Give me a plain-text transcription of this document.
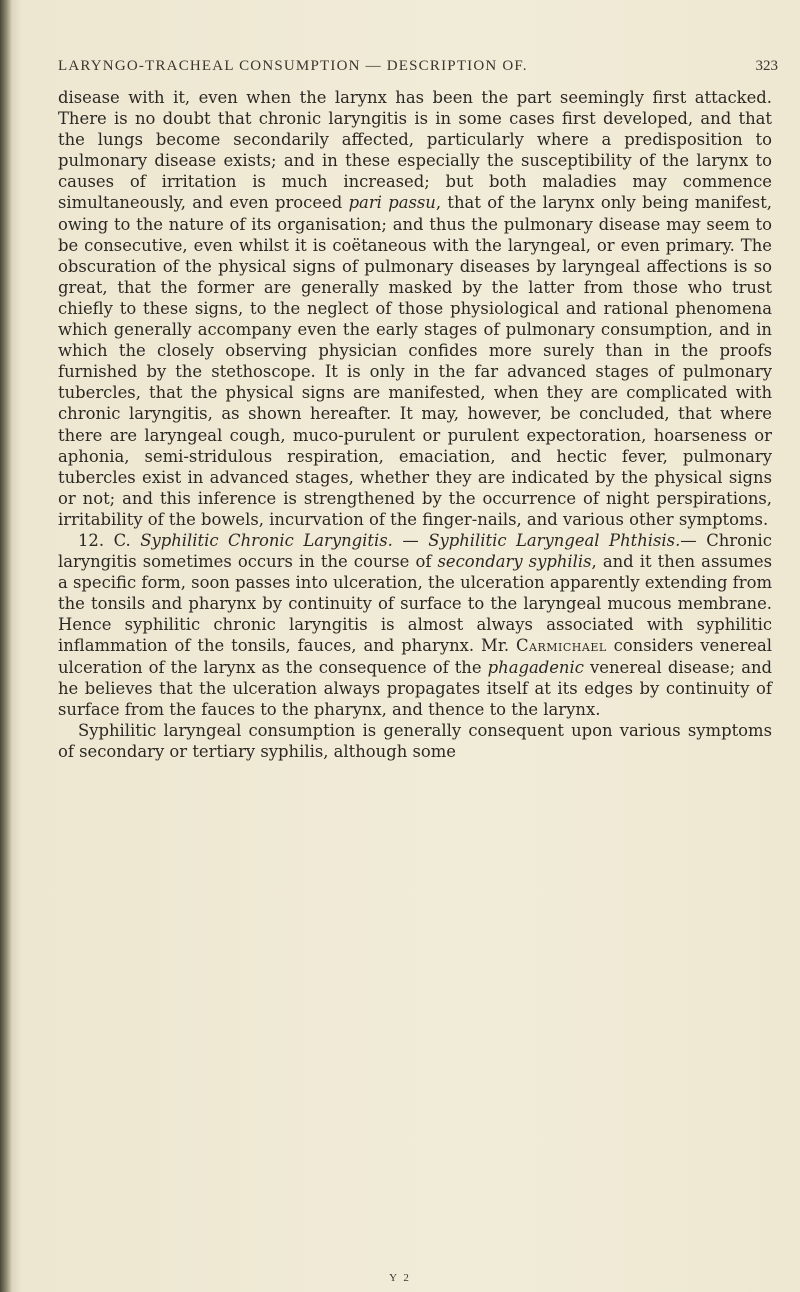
LARYNGO-TRACHEAL CONSUMPTION — DESCRIPTION OF.	323

disease with it, even when the larynx has been the part seemingly first attacked. There is no doubt that chronic laryngitis is in some cases first developed, and that the lungs become secondarily affected, particularly where a predisposition to pulmonary disease exists; and in these especially the susceptibility of the larynx to causes of irritation is much increased; but both maladies may commence simultaneously, and even proceed pari passu, that of the larynx only being manifest, owing to the nature of its organisation; and thus the pulmonary disease may seem to be consecutive, even whilst it is coëtaneous with the laryngeal, or even primary. The obscuration of the physical signs of pulmonary diseases by laryngeal affections is so great, that the former are generally masked by the latter from those who trust chiefly to these signs, to the neglect of those physiological and rational phenomena which generally accompany even the early stages of pulmonary consumption, and in which the closely observing physician confides more surely than in the proofs furnished by the stethoscope. It is only in the far advanced stages of pulmonary tubercles, that the physical signs are manifested, when they are complicated with chronic laryngitis, as shown hereafter. It may, however, be concluded, that where there are laryngeal cough, muco-purulent or purulent expectoration, hoarseness or aphonia, semi-stridulous respiration, emaciation, and hectic fever, pulmonary tubercles exist in advanced stages, whether they are indicated by the physical signs or not; and this inference is strengthened by the occurrence of night perspirations, irritability of the bowels, incurvation of the finger-nails, and various other symptoms.

12. C. Syphilitic Chronic Laryngitis. — Syphilitic Laryngeal Phthisis.— Chronic laryngitis sometimes occurs in the course of secondary syphilis, and it then assumes a specific form, soon passes into ulceration, the ulceration apparently extending from the tonsils and pharynx by continuity of surface to the laryngeal mucous membrane. Hence syphilitic chronic laryngitis is almost always associated with syphilitic inflammation of the tonsils, fauces, and pharynx. Mr. Carmichael considers venereal ulceration of the larynx as the consequence of the phagadenic venereal disease; and he believes that the ulceration always propagates itself at its edges by continuity of surface from the fauces to the pharynx, and thence to the larynx.

Syphilitic laryngeal consumption is generally consequent upon various symptoms of secondary or tertiary syphilis, although some

Y 2
